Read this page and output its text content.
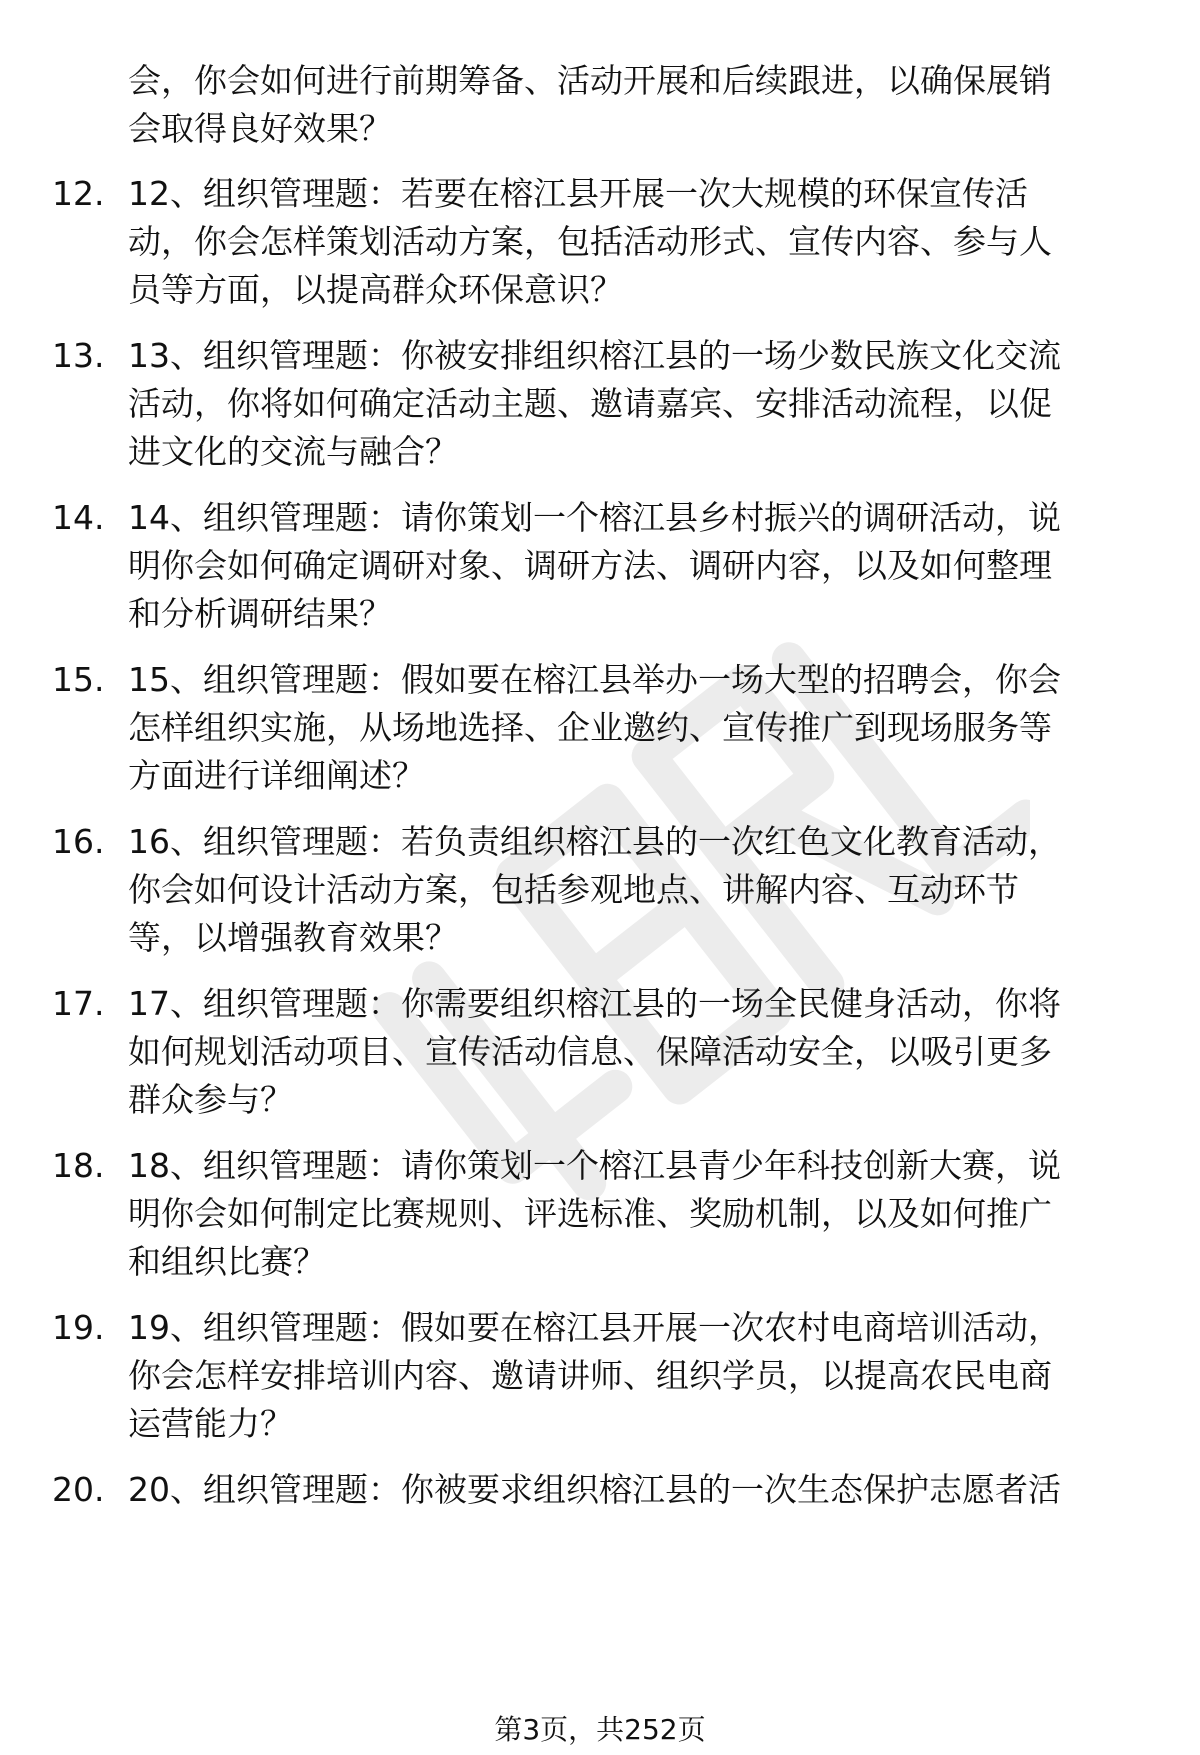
会，你会如何进行前期筹备、活动开展和后续跟进，以确保展销
会取得良好效果？
12. 12、组织管理题：若要在榕江县开展一次大规模的环保宣传活
动，你会怎样策划活动方案，包括活动形式、宣传内容、参与人
员等方面，以提高群众环保意识？
13. 13、组织管理题：你被安排组织榕江县的一场少数民族文化交流
活动，你将如何确定活动主题、邀请嘉宾、安排活动流程，以促
进文化的交流与融合？
14. 14、组织管理题：请你策划一个榕江县乡村振兴的调研活动，说
明你会如何确定调研对象、调研方法、调研内容，以及如何整理
和分析调研结果？
15. 15、组织管理题：假如要在榕江县举办一场大型的招聘会，你会
怎样组织实施，从场地选择、企业邀约、宣传推广到现场服务等
方面进行详细阐述？
16. 16、组织管理题：若负责组织榕江县的一次红色文化教育活动，
你会如何设计活动方案，包括参观地点、讲解内容、互动环节
等，以增强教育效果？
17. 17、组织管理题：你需要组织榕江县的一场全民健身活动，你将
如何规划活动项目、宣传活动信息、保障活动安全，以吸引更多
群众参与？
18. 18、组织管理题：请你策划一个榕江县青少年科技创新大赛，说
明你会如何制定比赛规则、评选标准、奖励机制，以及如何推广
和组织比赛？
19. 19、组织管理题：假如要在榕江县开展一次农村电商培训活动，
你会怎样安排培训内容、邀请讲师、组织学员，以提高农民电商
运营能力？
20. 20、组织管理题：你被要求组织榕江县的一次生态保护志愿者活
第3页，共252页
